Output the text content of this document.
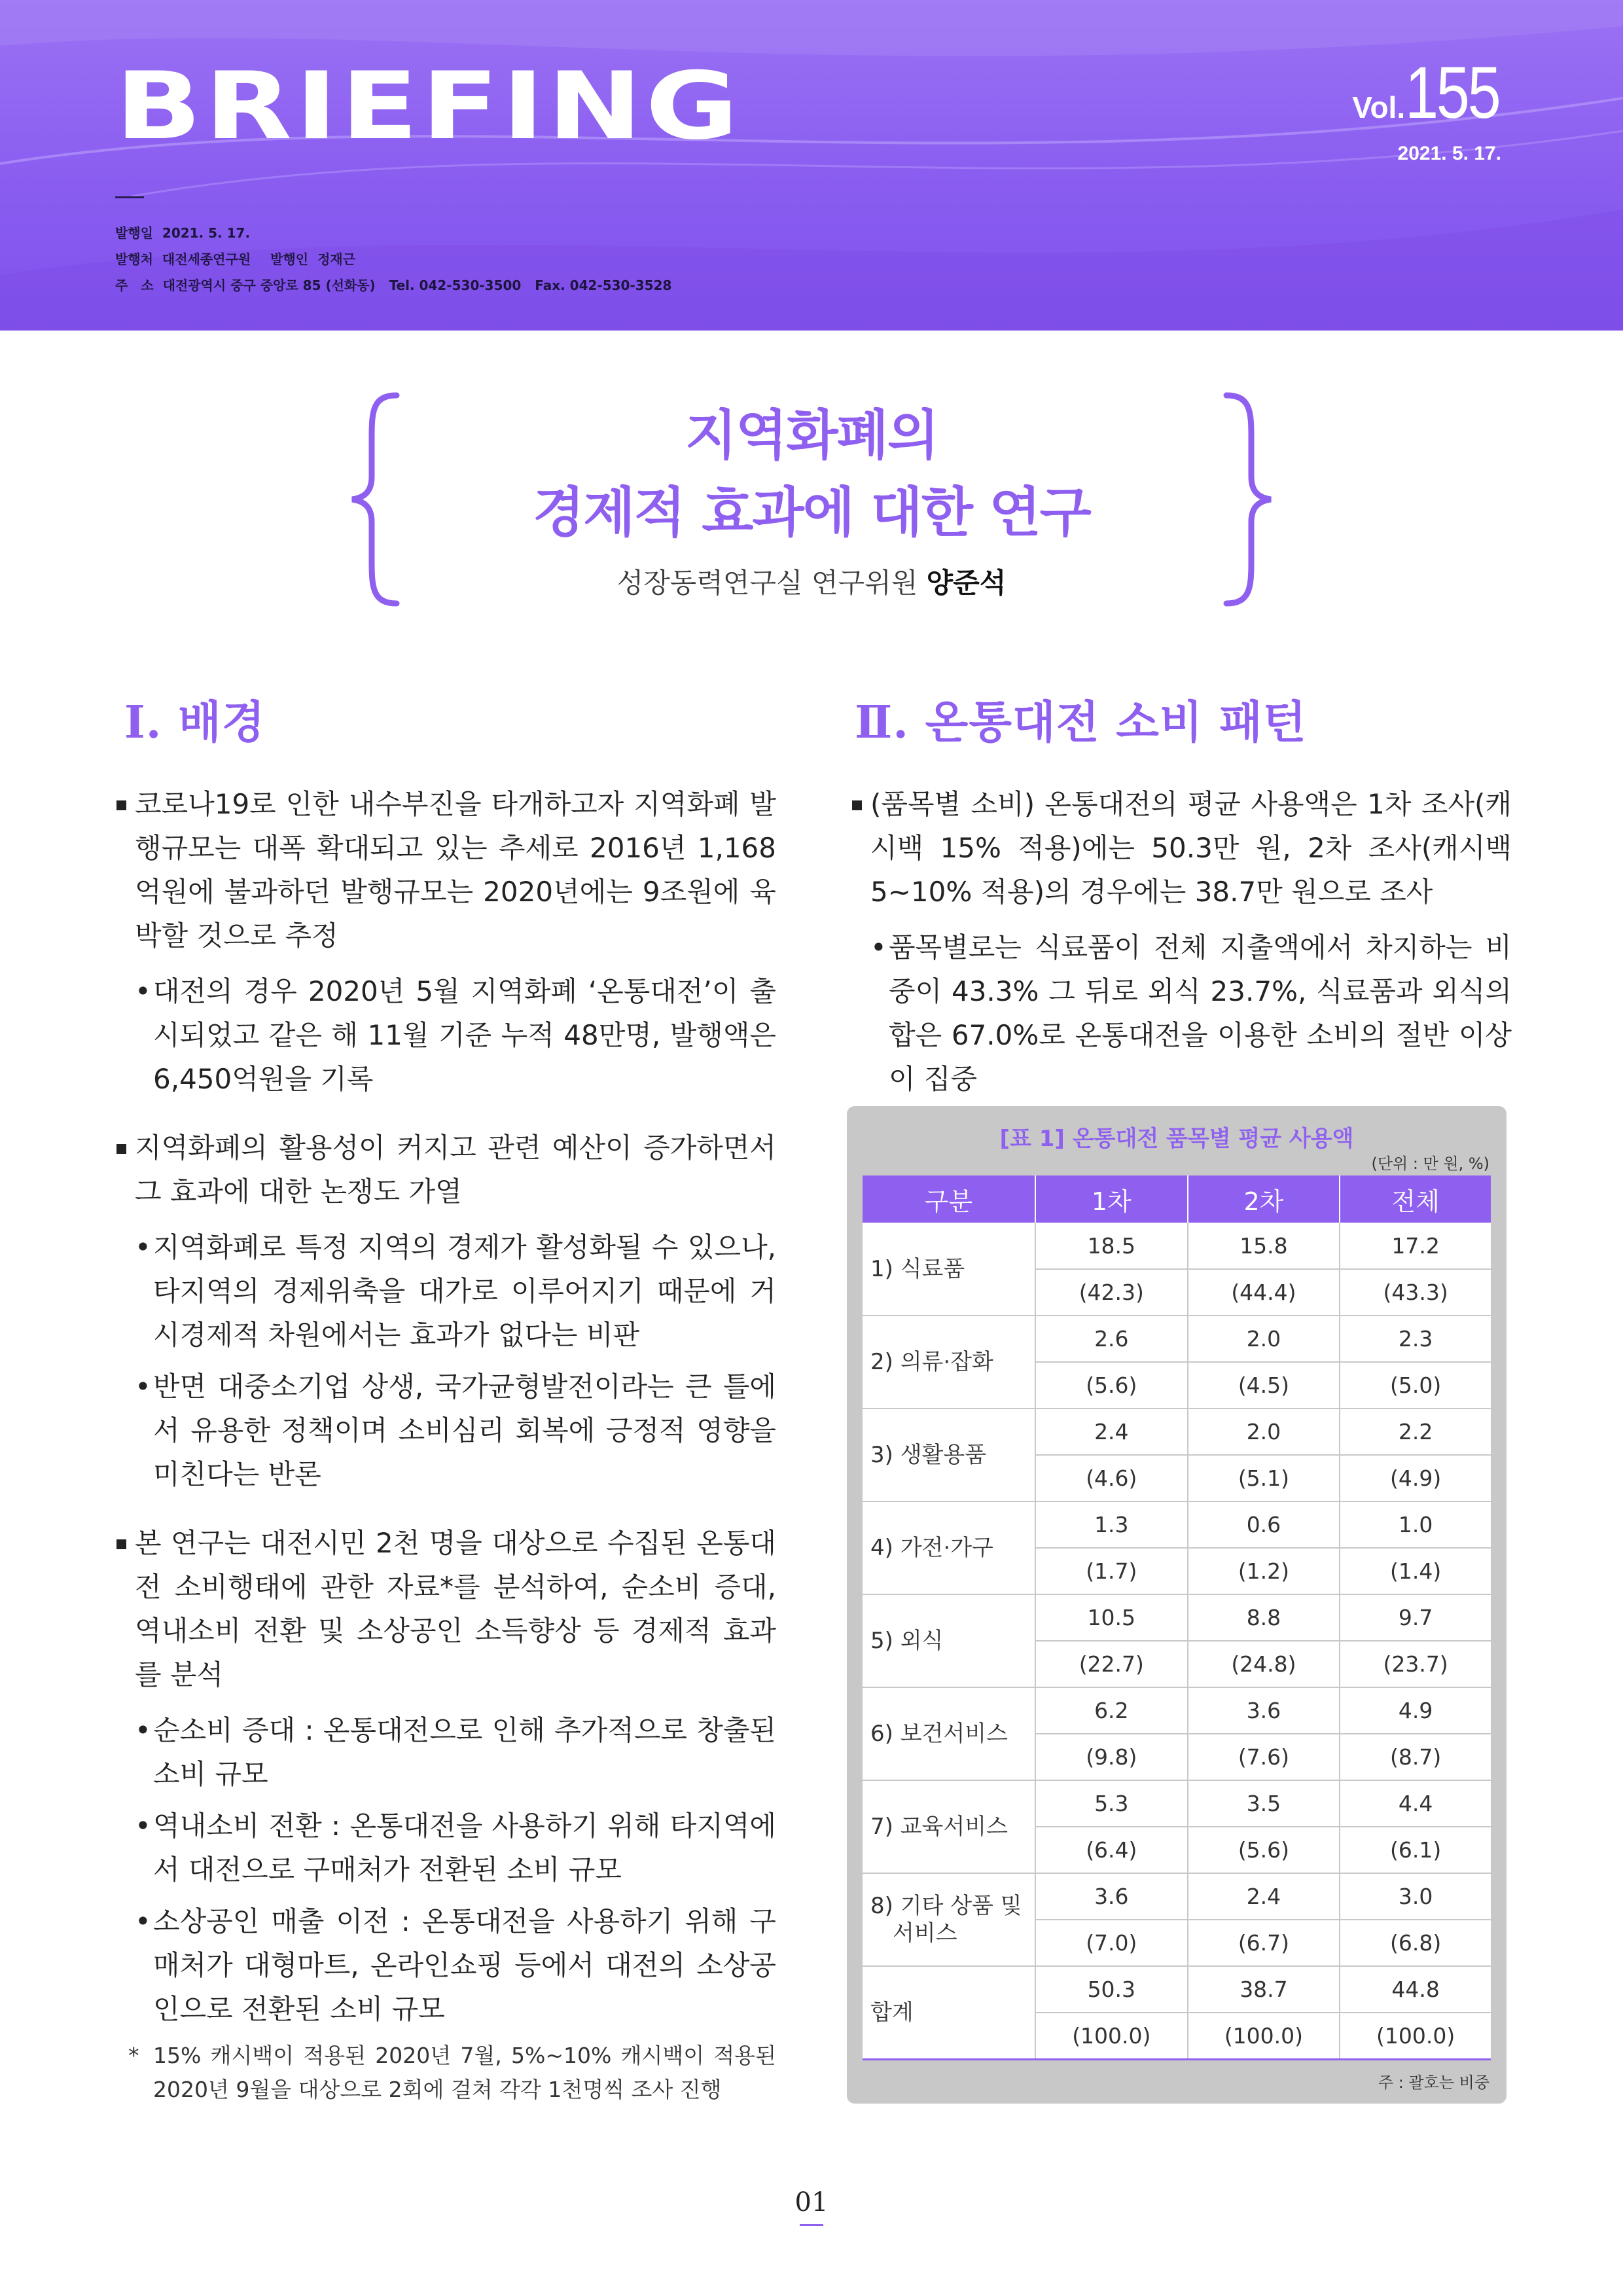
BRIEFING	Vol.155
2021. 5. 17.
발행일 2021. 5. 17.
발행처 대전세종연구원 발행인 정재근
주　소 대전광역시 중구 중앙로 85 (선화동) Tel. 042-530-3500 Fax. 042-530-3528
지역화폐의
경제적 효과에 대한 연구
성장동력연구실 연구위원 양준석
Ⅰ. 배경	Ⅱ. 온통대전 소비 패턴
코로나19로 인한 내수부진을 타개하고자 지역화폐 발행규모는 대폭 확대되고 있는 추세로 2016년 1,168억원에 불과하던 발행규모는 2020년에는 9조원에 육박할 것으로 추정
• 대전의 경우 2020년 5월 지역화폐 ‘온통대전’이 출시되었고 같은 해 11월 기준 누적 48만명, 발행액은 6,450억원을 기록
지역화폐의 활용성이 커지고 관련 예산이 증가하면서 그 효과에 대한 논쟁도 가열
• 지역화폐로 특정 지역의 경제가 활성화될 수 있으나, 타지역의 경제위축을 대가로 이루어지기 때문에 거시경제적 차원에서는 효과가 없다는 비판
• 반면 대중소기업 상생, 국가균형발전이라는 큰 틀에서 유용한 정책이며 소비심리 회복에 긍정적 영향을 미친다는 반론
본 연구는 대전시민 2천 명을 대상으로 수집된 온통대전 소비행태에 관한 자료*를 분석하여, 순소비 증대, 역내소비 전환 및 소상공인 소득향상 등 경제적 효과를 분석
• 순소비 증대 : 온통대전으로 인해 추가적으로 창출된 소비 규모
• 역내소비 전환 : 온통대전을 사용하기 위해 타지역에서 대전으로 구매처가 전환된 소비 규모
• 소상공인 매출 이전 : 온통대전을 사용하기 위해 구매처가 대형마트, 온라인쇼핑 등에서 대전의 소상공인으로 전환된 소비 규모
* 15% 캐시백이 적용된 2020년 7월, 5%~10% 캐시백이 적용된 2020년 9월을 대상으로 2회에 걸쳐 각각 1천명씩 조사 진행
(품목별 소비) 온통대전의 평균 사용액은 1차 조사(캐시백 15% 적용)에는 50.3만 원, 2차 조사(캐시백 5~10% 적용)의 경우에는 38.7만 원으로 조사
• 품목별로는 식료품이 전체 지출액에서 차지하는 비중이 43.3% 그 뒤로 외식 23.7%, 식료품과 외식의 합은 67.0%로 온통대전을 이용한 소비의 절반 이상이 집중
[표 1] 온통대전 품목별 평균 사용액
(단위 : 만 원, %)
구분	1차	2차	전체
1) 식료품	18.5	15.8	17.2
	(42.3)	(44.4)	(43.3)
2) 의류·잡화	2.6	2.0	2.3
	(5.6)	(4.5)	(5.0)
3) 생활용품	2.4	2.0	2.2
	(4.6)	(5.1)	(4.9)
4) 가전·가구	1.3	0.6	1.0
	(1.7)	(1.2)	(1.4)
5) 외식	10.5	8.8	9.7
	(22.7)	(24.8)	(23.7)
6) 보건서비스	6.2	3.6	4.9
	(9.8)	(7.6)	(8.7)
7) 교육서비스	5.3	3.5	4.4
	(6.4)	(5.6)	(6.1)
8) 기타 상품 및
서비스	3.6	2.4	3.0
	(7.0)	(6.7)	(6.8)
합계	50.3	38.7	44.8
	(100.0)	(100.0)	(100.0)
주 : 괄호는 비중
01
